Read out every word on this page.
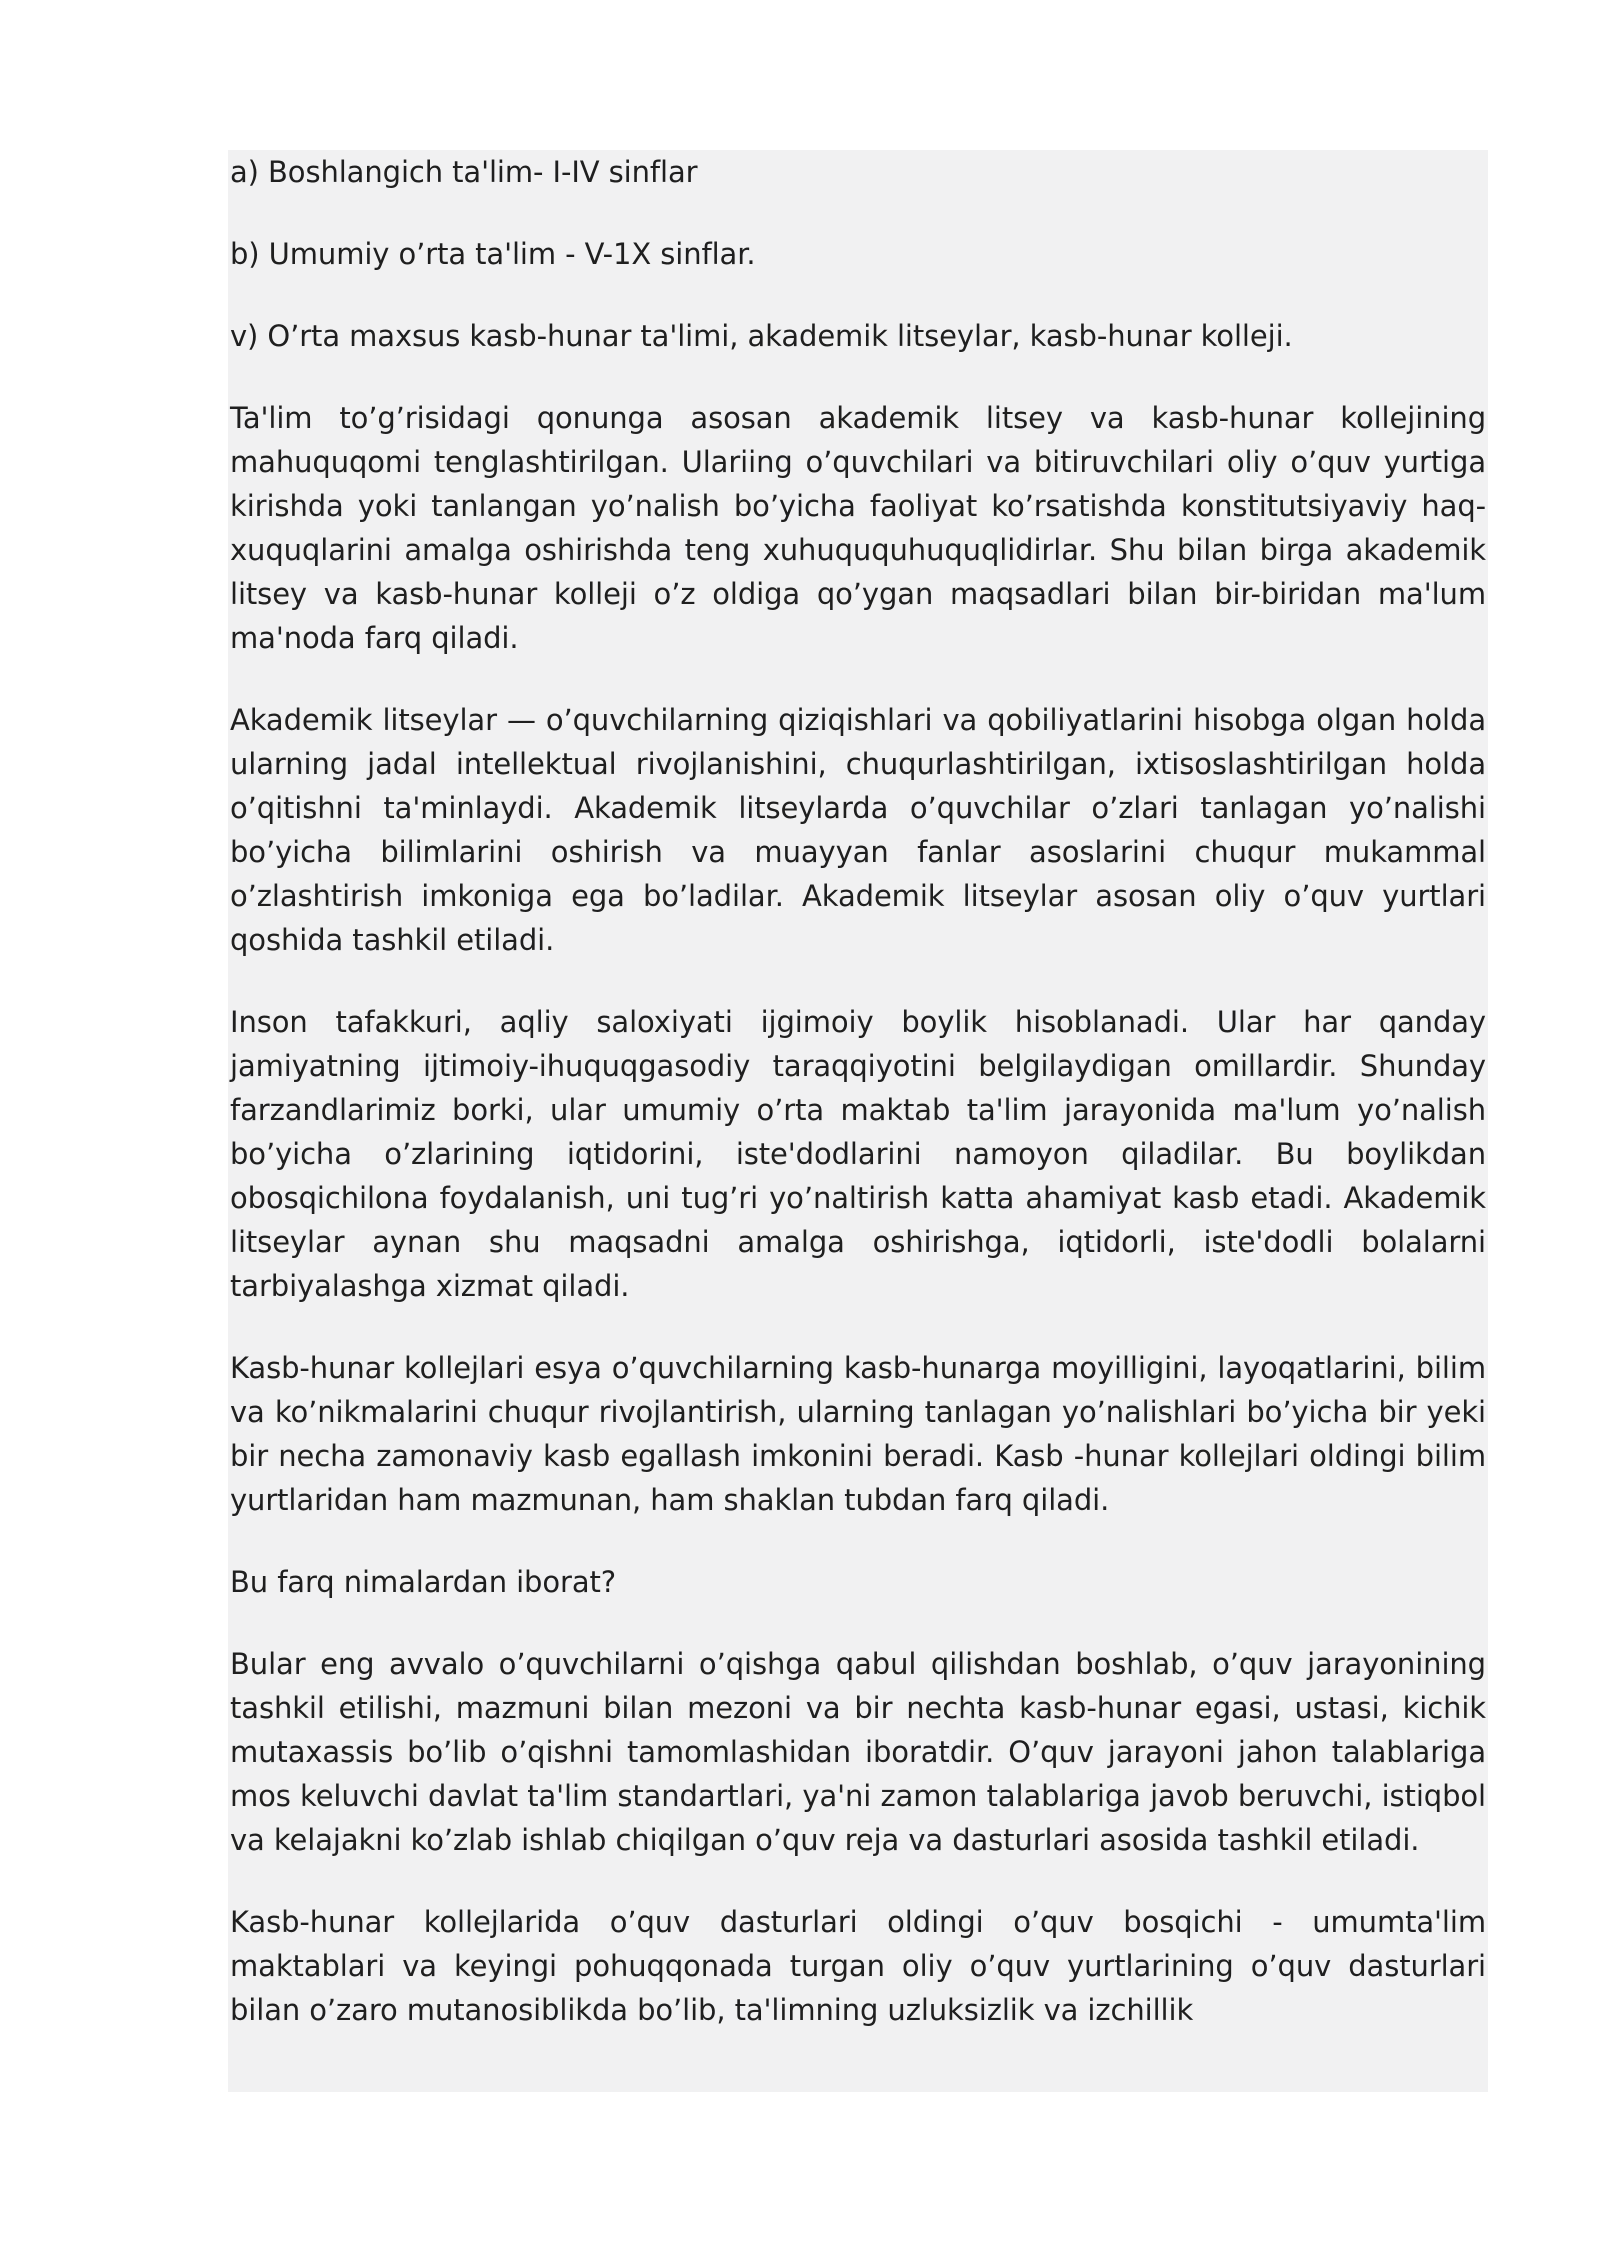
a) Boshlangich ta'lim- I-IV sinflar

b) Umumiy o’rta ta'lim - V-1X sinflar.

v) O’rta maxsus kasb-hunar ta'limi, akademik litseylar, kasb-hunar kolleji.

Ta'lim to’g’risidagi qonunga asosan akademik litsey va kasb-hunar kollejining mahuquqomi tenglashtirilgan. Ulariing o’quvchilari va bitiruvchilari oliy o’quv yurtiga kirishda yoki tanlangan yo’nalish bo’yicha faoliyat ko’rsatishda konstitutsiyaviy haq-xuquqlarini amalga oshirishda teng xuhuququhuquqlidirlar. Shu bilan birga akademik litsey va kasb-hunar kolleji o’z oldiga qo’ygan maqsadlari bilan bir-biridan ma'lum ma'noda farq qiladi.

Akademik litseylar — o’quvchilarning qiziqishlari va qobiliyatlarini hisobga olgan holda ularning jadal intellektual rivojlanishini, chuqurlashtirilgan, ixtisoslashtirilgan holda o’qitishni ta'minlaydi. Akademik litseylarda o’quvchilar o’zlari tanlagan yo’nalishi bo’yicha bilimlarini oshirish va muayyan fanlar asoslarini chuqur mukammal o’zlashtirish imkoniga ega bo’ladilar. Akademik litseylar asosan oliy o’quv yurtlari qoshida tashkil etiladi.

Inson tafakkuri, aqliy saloxiyati ijgimoiy boylik hisoblanadi. Ular har qanday jamiyatning ijtimoiy-ihuquqgasodiy taraqqiyotini belgilaydigan omillardir. Shunday farzandlarimiz borki, ular umumiy o’rta maktab ta'lim jarayonida ma'lum yo’nalish bo’yicha o’zlarining iqtidorini, iste'dodlarini namoyon qiladilar. Bu boylikdan obosqichilona foydalanish, uni tug’ri yo’naltirish katta ahamiyat kasb etadi. Akademik litseylar aynan shu maqsadni amalga oshirishga, iqtidorli, iste'dodli bolalarni tarbiyalashga xizmat qiladi.

Kasb-hunar kollejlari esya o’quvchilarning kasb-hunarga moyilligini, layoqatlarini, bilim va ko’nikmalarini chuqur rivojlantirish, ularning tanlagan yo’nalishlari bo’yicha bir yeki bir necha zamonaviy kasb egallash imkonini beradi. Kasb -hunar kollejlari oldingi bilim yurtlaridan ham mazmunan, ham shaklan tubdan farq qiladi.

Bu farq nimalardan iborat?

Bular eng avvalo o’quvchilarni o’qishga qabul qilishdan boshlab, o’quv jarayonining tashkil etilishi, mazmuni bilan mezoni va bir nechta kasb-hunar egasi, ustasi, kichik mutaxassis bo’lib o’qishni tamomlashidan iboratdir. O’quv jarayoni jahon talablariga mos keluvchi davlat ta'lim standartlari, ya'ni zamon talablariga javob beruvchi, istiqbol va kelajakni ko’zlab ishlab chiqilgan o’quv reja va dasturlari asosida tashkil etiladi.

Kasb-hunar kollejlarida o’quv dasturlari oldingi o’quv bosqichi - umumta'lim maktablari va keyingi pohuqqonada turgan oliy o’quv yurtlarining o’quv dasturlari bilan o’zaro mutanosiblikda bo’lib, ta'limning uzluksizlik va izchillik
